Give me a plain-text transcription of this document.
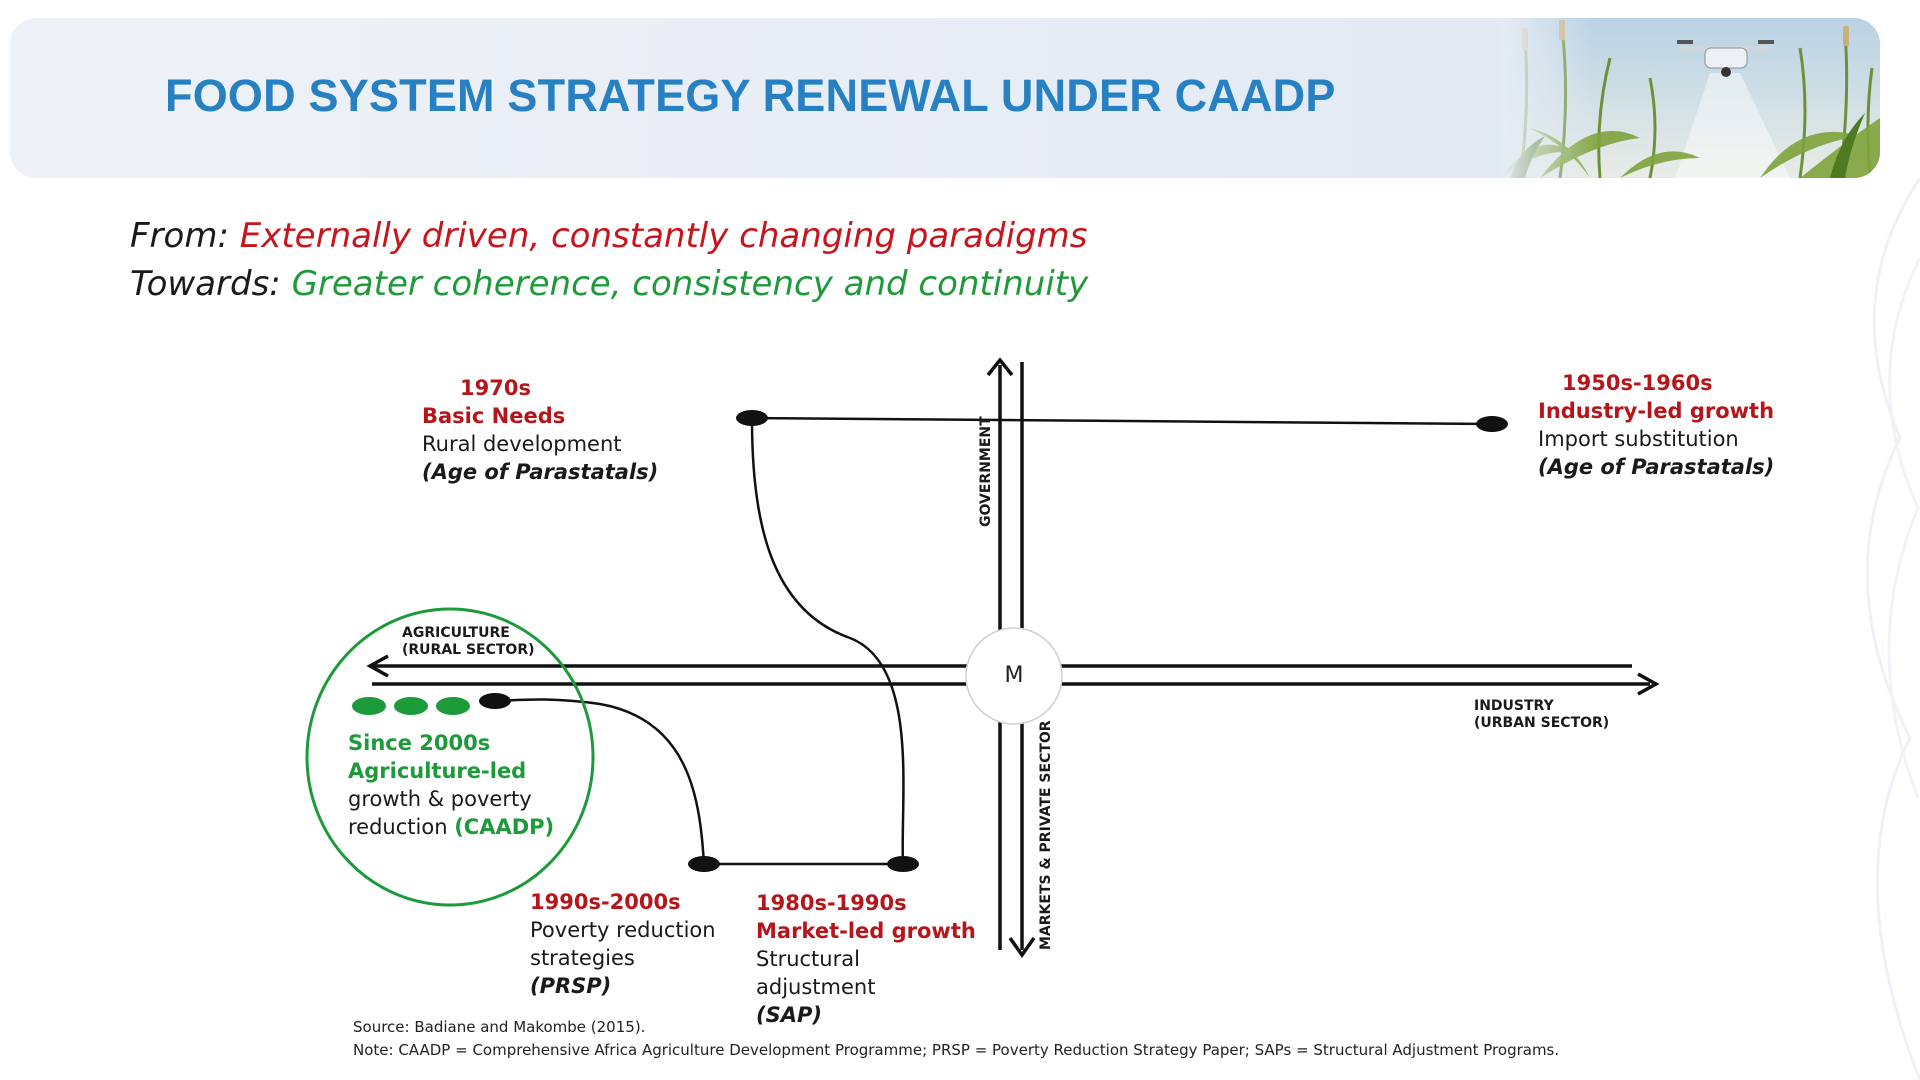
FOOD SYSTEM STRATEGY RENEWAL UNDER CAADP
From: Externally driven, constantly changing paradigms
Towards: Greater coherence, consistency and continuity
M
GOVERNMENT
MARKETS & PRIVATE SECTOR
AGRICULTURE
(RURAL SECTOR)
INDUSTRY
(URBAN SECTOR)
1970s
Basic Needs
Rural development
(Age of Parastatals)
1950s-1960s
Industry-led growth
Import substitution
(Age of Parastatals)
Since 2000s
Agriculture-led
growth & poverty
reduction (CAADP)
1990s-2000s
Poverty reduction
strategies
(PRSP)
1980s-1990s
Market-led growth
Structural
adjustment
(SAP)
Source: Badiane and Makombe (2015).
Note: CAADP = Comprehensive Africa Agriculture Development Programme; PRSP = Poverty Reduction Strategy Paper; SAPs = Structural Adjustment Programs.
